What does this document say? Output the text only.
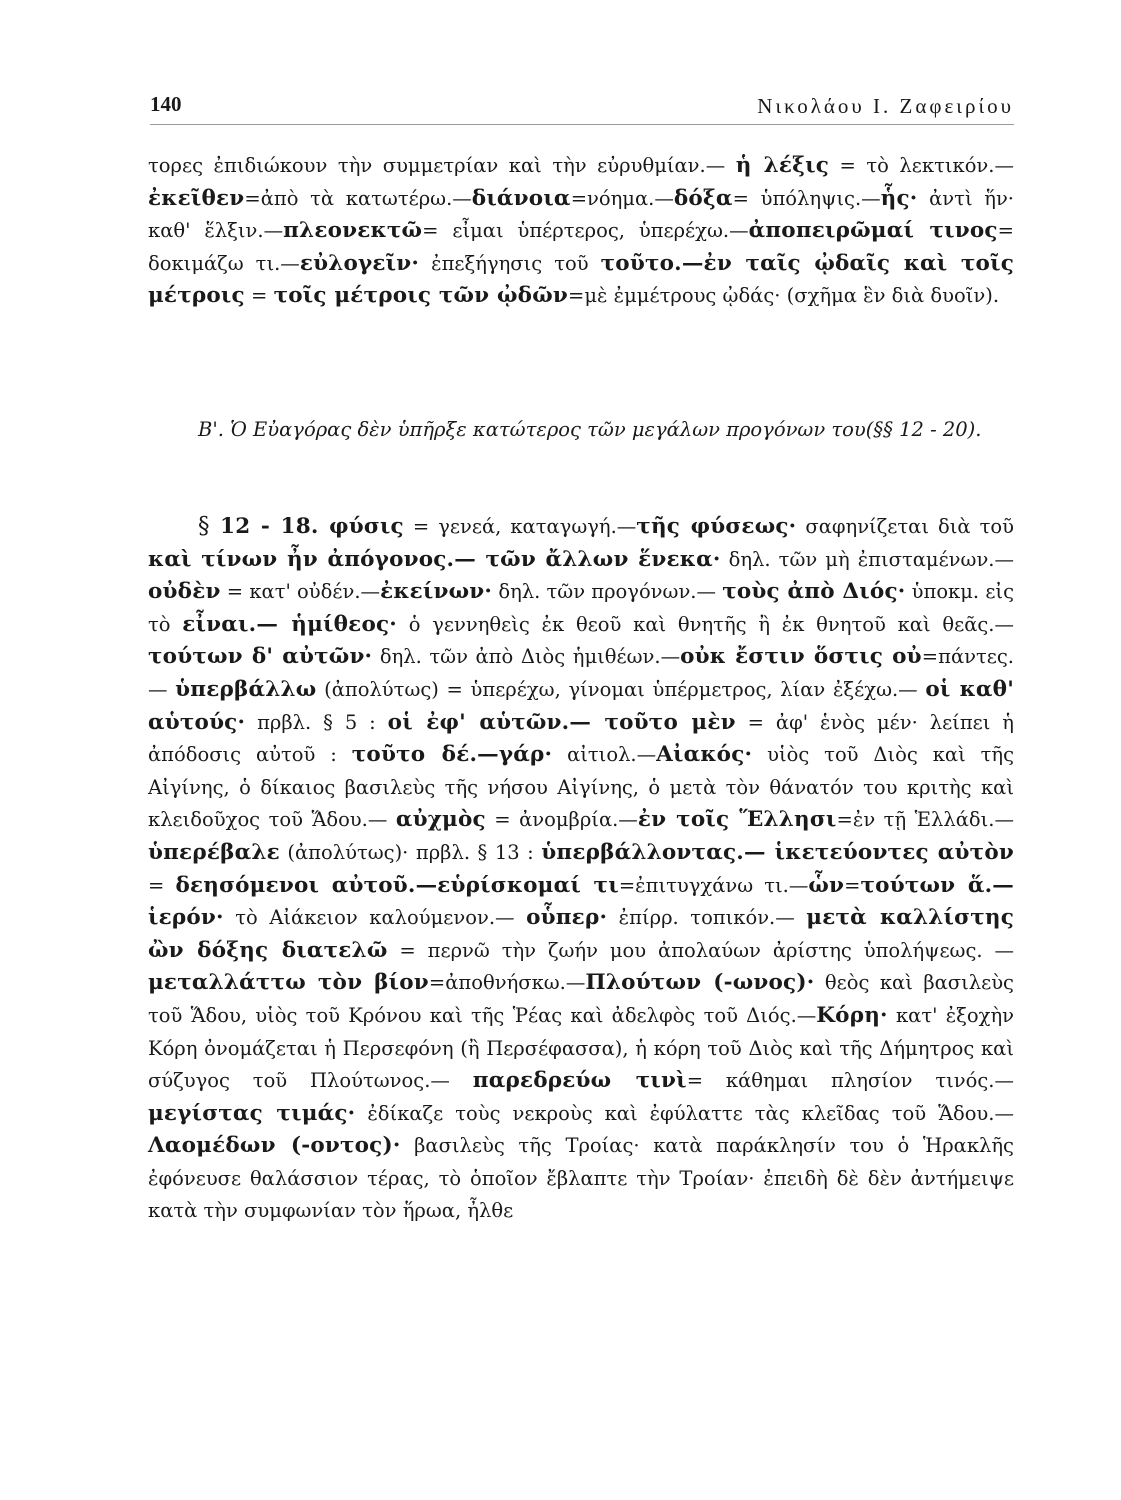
140	Νικολάου Ι. Ζαφειρίου
τορες ἐπιδιώκουν τὴν συμμετρίαν καὶ τὴν εὐρυθμίαν.— ἡ λέξις = τὸ λεκτικόν.—ἐκεῖθεν=ἀπὸ τὰ κατωτέρω.—διάνοια=νόημα.—δόξα= ὑπόληψις.—ἧς· ἀντὶ ἥν· καθ' ἕλξιν.—πλεονεκτῶ= εἶμαι ὑπέρτερος, ὑπερέχω.—ἀποπειρῶμαί τινος= δοκιμάζω τι.—εὐλογεῖν· ἐπεξήγησις τοῦ τοῦτο.—ἐν ταῖς ᾠδαῖς καὶ τοῖς μέτροις = τοῖς μέτροις τῶν ᾠδῶν=μὲ ἐμμέτρους ᾠδάς· (σχῆμα ἓν διὰ δυοῖν).
Β'. Ὁ Εὐαγόρας δὲν ὑπῆρξε κατώτερος τῶν μεγάλων προγόνων του(§§ 12 - 20).
§ 12 - 18. φύσις = γενεά, καταγωγή.—τῆς φύσεως· σαφηνίζεται διὰ τοῦ καὶ τίνων ἦν ἀπόγονος.— τῶν ἄλλων ἕνεκα· δηλ. τῶν μὴ ἐπισταμένων.—οὐδὲν = κατ' οὐδέν.—ἐκείνων· δηλ. τῶν προγόνων.— τοὺς ἀπὸ Διός· ὑποκμ. εἰς τὸ εἶναι.— ἡμίθεος· ὁ γεννηθεὶς ἐκ θεοῦ καὶ θνητῆς ἢ ἐκ θνητοῦ καὶ θεᾶς.— τούτων δ' αὐτῶν· δηλ. τῶν ἀπὸ Διὸς ἡμιθέων.—οὐκ ἔστιν ὅστις οὐ=πάντες.— ὑπερβάλλω (ἀπολύτως) = ὑπερέχω, γίνομαι ὑπέρμετρος, λίαν ἐξέχω.— οἱ καθ' αὑτούς· πρβλ. § 5 : οἱ ἐφ' αὑτῶν.— τοῦτο μὲν = ἀφ' ἑνὸς μέν· λείπει ἡ ἀπόδοσις αὐτοῦ : τοῦτο δέ.—γάρ· αἰτιολ.—Αἰακός· υἱὸς τοῦ Διὸς καὶ τῆς Αἰγίνης, ὁ δίκαιος βασιλεὺς τῆς νήσου Αἰγίνης, ὁ μετὰ τὸν θάνατόν του κριτὴς καὶ κλειδοῦχος τοῦ Ἅδου.— αὐχμὸς = ἀνομβρία.—ἐν τοῖς Ἕλλησι=ἐν τῇ Ἑλλάδι.— ὑπερέβαλε (ἀπολύτως)· πρβλ. § 13 : ὑπερβάλλοντας.— ἱκετεύοντες αὐτὸν = δεησόμενοι αὐτοῦ.—εὑρίσκομαί τι=ἐπιτυγχάνω τι.—ὧν=τούτων ἅ.— ἱερόν· τὸ Αἰάκειον καλούμενον.— οὗπερ· ἐπίρρ. τοπικόν.— μετὰ καλλίστης ὢν δόξης διατελῶ = περνῶ τὴν ζωήν μου ἀπολαύων ἀρίστης ὑπολήψεως. — μεταλλάττω τὸν βίον=ἀποθνήσκω.—Πλούτων (-ωνος)· θεὸς καὶ βασιλεὺς τοῦ Ἅδου, υἱὸς τοῦ Κρόνου καὶ τῆς Ῥέας καὶ ἀδελφὸς τοῦ Διός.—Κόρη· κατ' ἐξοχὴν Κόρη ὀνομάζεται ἡ Περσεφόνη (ἢ Περσέφασσα), ἡ κόρη τοῦ Διὸς καὶ τῆς Δήμητρος καὶ σύζυγος τοῦ Πλούτωνος.— παρεδρεύω τινὶ= κάθημαι πλησίον τινός.— μεγίστας τιμάς· ἐδίκαζε τοὺς νεκροὺς καὶ ἐφύλαττε τὰς κλεῖδας τοῦ Ἅδου.— Λαομέδων (-οντος)· βασιλεὺς τῆς Τροίας· κατὰ παράκλησίν του ὁ Ἡρακλῆς ἐφόνευσε θαλάσσιον τέρας, τὸ ὁποῖον ἔβλαπτε τὴν Τροίαν· ἐπειδὴ δὲ δὲν ἀντήμειψε κατὰ τὴν συμφωνίαν τὸν ἥρωα, ἦλθε
